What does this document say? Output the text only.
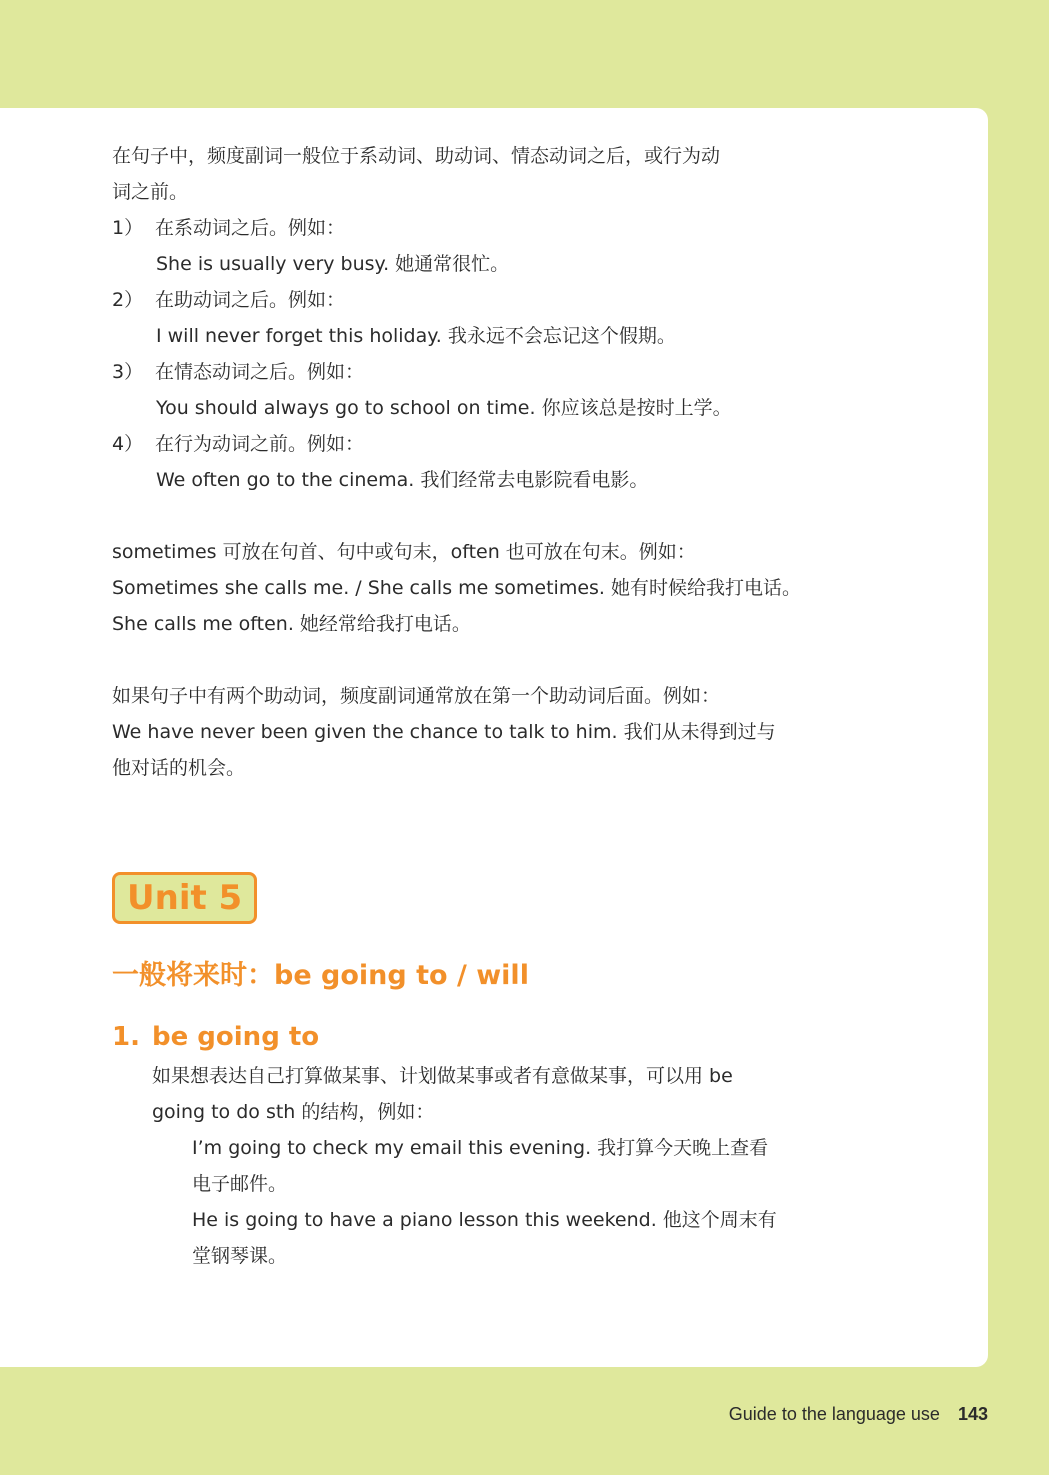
在句子中，频度副词一般位于系动词、助动词、情态动词之后，或行为动

词之前。

1） 在系动词之后。例如：
She is usually very busy. 她通常很忙。
2） 在助动词之后。例如：
I will never forget this holiday. 我永远不会忘记这个假期。
3） 在情态动词之后。例如：
You should always go to school on time. 你应该总是按时上学。
4） 在行为动词之前。例如：
We often go to the cinema. 我们经常去电影院看电影。

sometimes 可放在句首、句中或句末，often 也可放在句末。例如：

Sometimes she calls me. / She calls me sometimes. 她有时候给我打电话。

She calls me often. 她经常给我打电话。

如果句子中有两个助动词，频度副词通常放在第一个助动词后面。例如：

We have never been given the chance to talk to him. 我们从未得到过与

他对话的机会。

Unit 5
一般将来时：be going to / will
1. be going to
如果想表达自己打算做某事、计划做某事或者有意做某事，可以用 be
going to do sth 的结构，例如：
I’m going to check my email this evening. 我打算今天晚上查看
电子邮件。
He is going to have a piano lesson this weekend. 他这个周末有
堂钢琴课。
Guide to the language use 143
